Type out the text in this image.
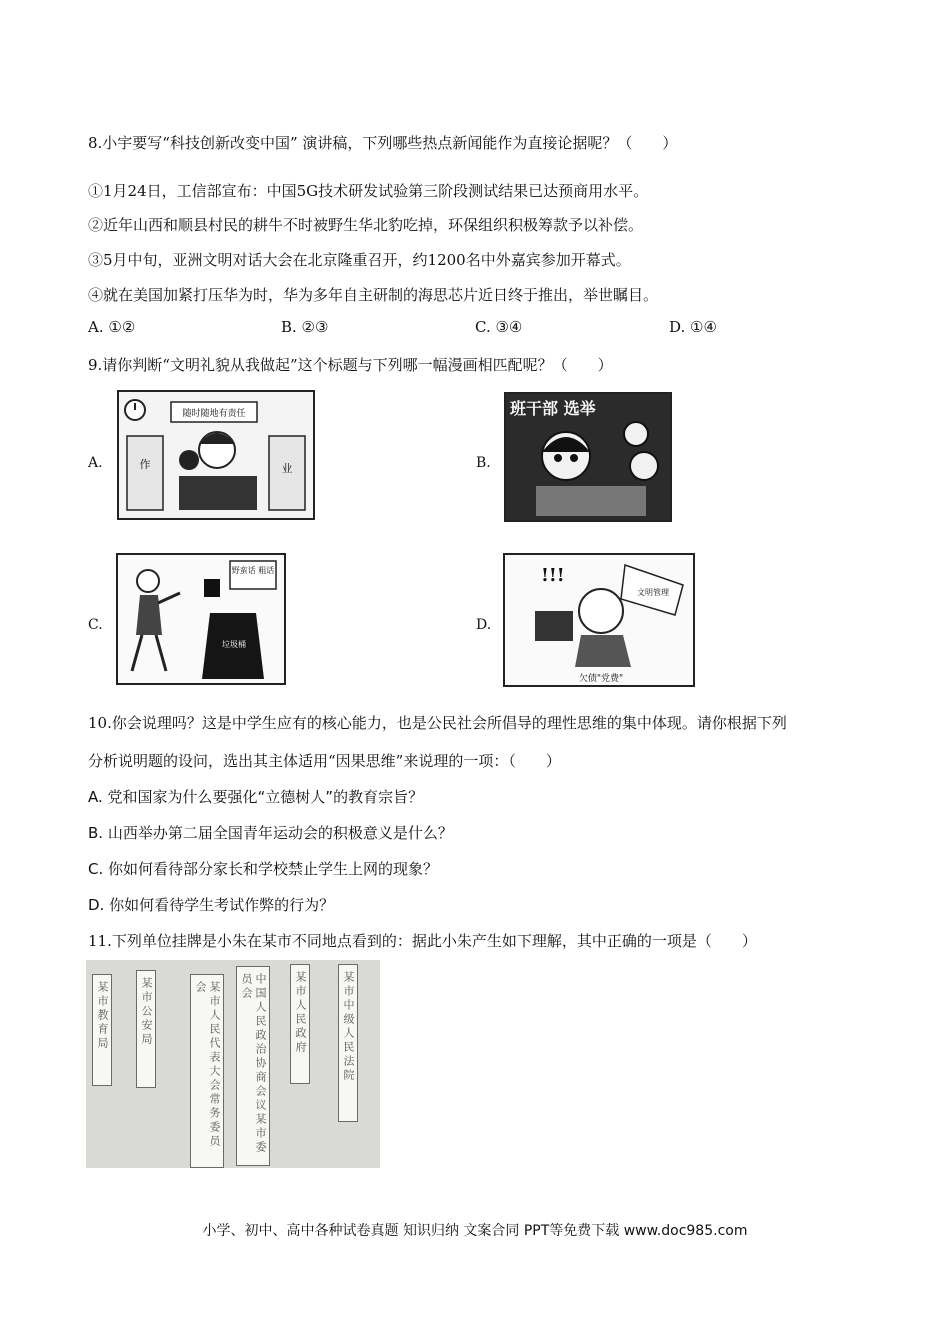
8.小宇要写“科技创新改变中国” 演讲稿，下列哪些热点新闻能作为直接论据呢？（　　）
①1月24日，工信部宣布：中国5G技术研发试验第三阶段测试结果已达预商用水平。
②近年山西和顺县村民的耕牛不时被野生华北豹吃掉，环保组织积极筹款予以补偿。
③5月中旬，亚洲文明对话大会在北京隆重召开，约1200名中外嘉宾参加开幕式。
④就在美国加紧打压华为时，华为多年自主研制的海思芯片近日终于推出，举世瞩目。
A. ①②	B. ②③	C. ③④	D. ①④
9.请你判断“文明礼貌从我做起”这个标题与下列哪一幅漫画相匹配呢？（　　）
A.
随时随地有责任
作	业	B.
班干部 选举
C.
野蛮话 粗话
垃圾桶
D.
!!!
文明管理
欠债"党费"
10.你会说理吗？这是中学生应有的核心能力，也是公民社会所倡导的理性思维的集中体现。请你根据下列
分析说明题的设问，选出其主体适用“因果思维”来说理的一项：（　　）
A. 党和国家为什么要强化“立德树人”的教育宗旨？
B. 山西举办第二届全国青年运动会的积极意义是什么？
C. 你如何看待部分家长和学校禁止学生上网的现象？
D. 你如何看待学生考试作弊的行为？
11.下列单位挂牌是小朱在某市不同地点看到的：据此小朱产生如下理解，其中正确的一项是（　　）
某市教育局	某市公安局	某市人民代表大会常务委员会	中国人民政治协商会议某市委员会	某市人民政府	某市中级人民法院
小学、初中、高中各种试卷真题 知识归纳 文案合同 PPT等免费下载 www.doc985.com
